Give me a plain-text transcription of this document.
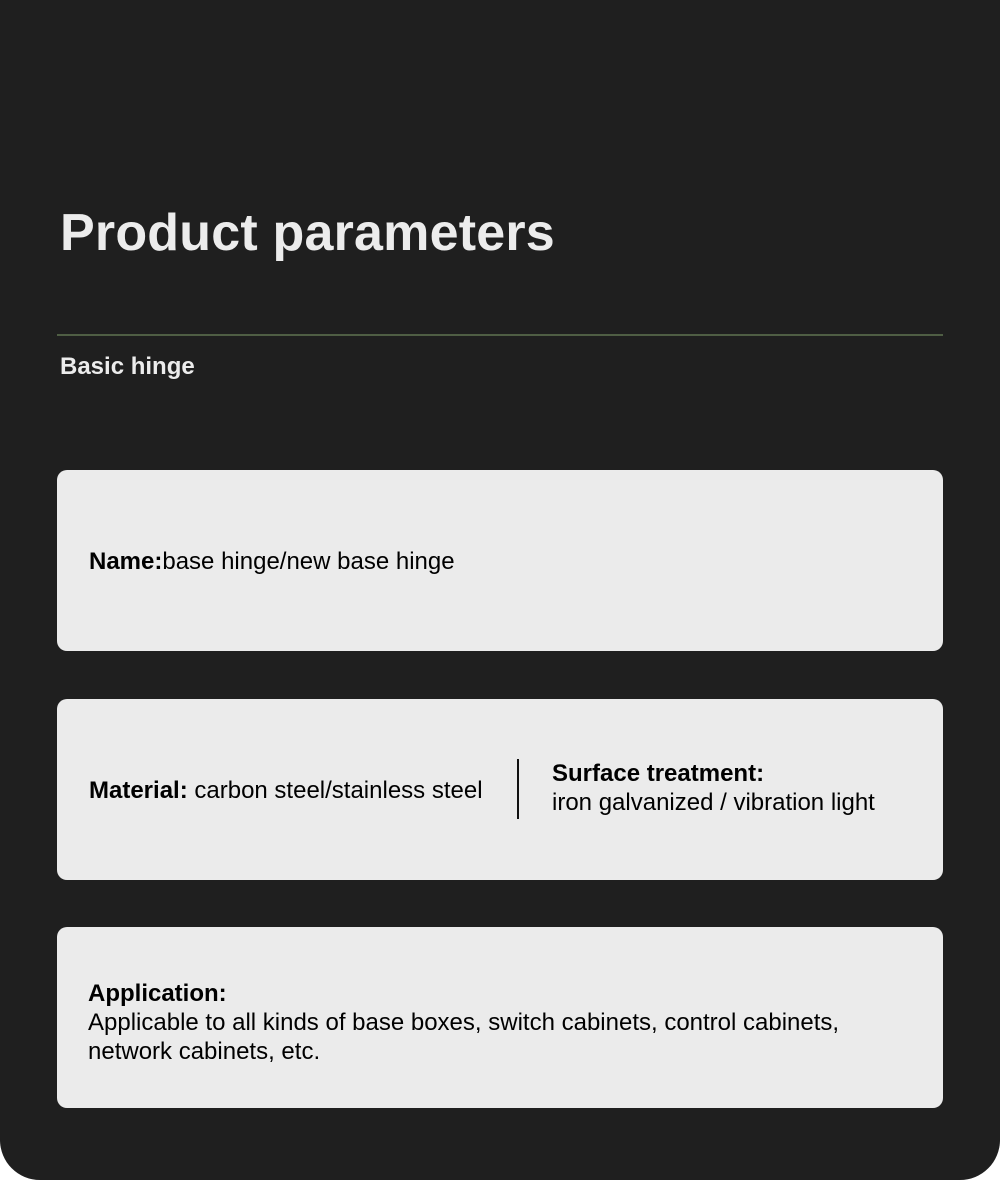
Product parameters
Basic hinge
Name:base hinge/new base hinge
Material: carbon steel/stainless steel
Surface treatment:
iron galvanized / vibration light
Application:
Applicable to all kinds of base boxes, switch cabinets, control cabinets, network cabinets, etc.
